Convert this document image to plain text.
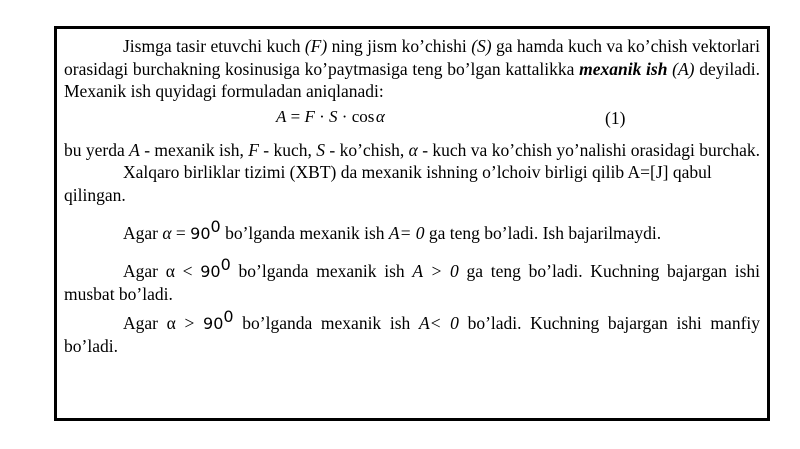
Jismga tasir etuvchi kuch (F) ning jism ko’chishi (S) ga hamda kuch va ko’chish vektorlari orasidagi burchakning kosinusiga ko’paytmasiga teng bo’lgan kattalikka mexanik ish (A) deyiladi. Mexanik ish quyidagi formuladan aniqlanadi:

A = F · S · cos α	(1)

bu yerda A - mexanik ish, F - kuch, S - ko’chish, α - kuch va ko’chish yo’nalishi orasidagi burchak.

Xalqaro birliklar tizimi (XBT) da mexanik ishning o’lchoiv birligi qilib A=[J] qabul qilingan.

Agar $\alpha = 90^0$ bo’lganda mexanik ish A= 0 ga teng bo’ladi. Ish bajarilmaydi.

Agar $\alpha < 90^0$ bo’lganda mexanik ish A > 0 ga teng bo’ladi. Kuchning bajargan ishi musbat bo’ladi.

Agar $\alpha > 90^0$ bo’lganda mexanik ish A< 0 bo’ladi. Kuchning bajargan ishi manfiy bo’ladi.
